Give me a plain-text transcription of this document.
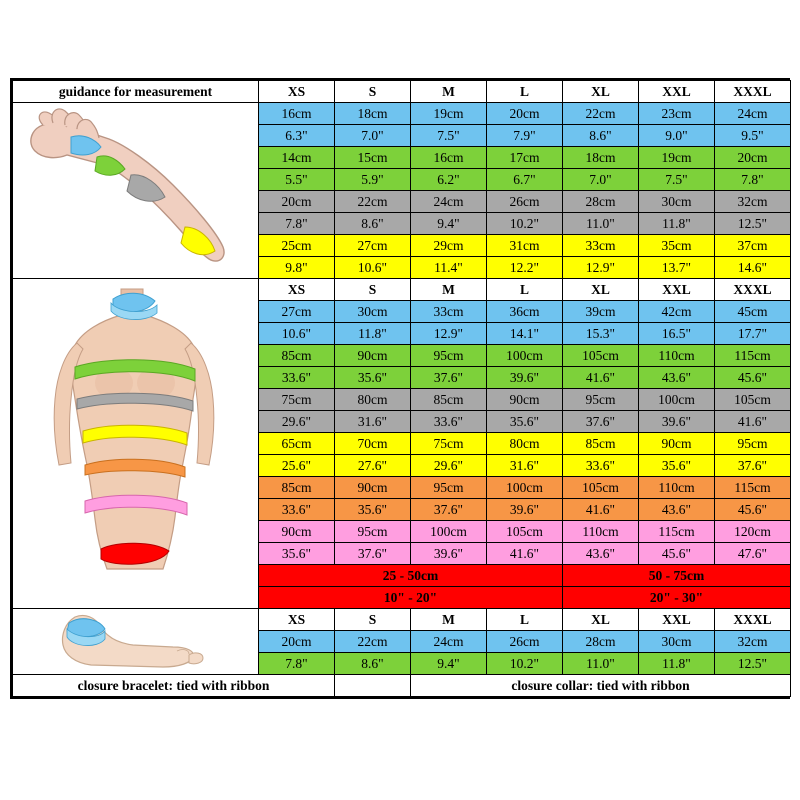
guidance for measurement	XS	S	M	L	XL	XXL	XXXL

	16cm	18cm	19cm	20cm	22cm	23cm	24cm
	6.3"	7.0"	7.5"	7.9"	8.6"	9.0"	9.5"
	14cm	15cm	16cm	17cm	18cm	19cm	20cm
	5.5"	5.9"	6.2"	6.7"	7.0"	7.5"	7.8"
	20cm	22cm	24cm	26cm	28cm	30cm	32cm
	7.8"	8.6"	9.4"	10.2"	11.0"	11.8"	12.5"
	25cm	27cm	29cm	31cm	33cm	35cm	37cm
	9.8"	10.6"	11.4"	12.2"	12.9"	13.7"	14.6"

	XS	S	M	L	XL	XXL	XXXL
	27cm	30cm	33cm	36cm	39cm	42cm	45cm
	10.6"	11.8"	12.9"	14.1"	15.3"	16.5"	17.7"
	85cm	90cm	95cm	100cm	105cm	110cm	115cm
	33.6"	35.6"	37.6"	39.6"	41.6"	43.6"	45.6"
	75cm	80cm	85cm	90cm	95cm	100cm	105cm
	29.6"	31.6"	33.6"	35.6"	37.6"	39.6"	41.6"
	65cm	70cm	75cm	80cm	85cm	90cm	95cm
	25.6"	27.6"	29.6"	31.6"	33.6"	35.6"	37.6"
	85cm	90cm	95cm	100cm	105cm	110cm	115cm
	33.6"	35.6"	37.6"	39.6"	41.6"	43.6"	45.6"
	90cm	95cm	100cm	105cm	110cm	115cm	120cm
	35.6"	37.6"	39.6"	41.6"	43.6"	45.6"	47.6"
	25 - 50cm				50 - 75cm		
	10" - 20"				20" - 30"		

	XS	S	M	L	XL	XXL	XXXL
	20cm	22cm	24cm	26cm	28cm	30cm	32cm
	7.8"	8.6"	9.4"	10.2"	11.0"	11.8"	12.5"
closure bracelet: tied with ribbon			closure collar: tied with ribbon				
